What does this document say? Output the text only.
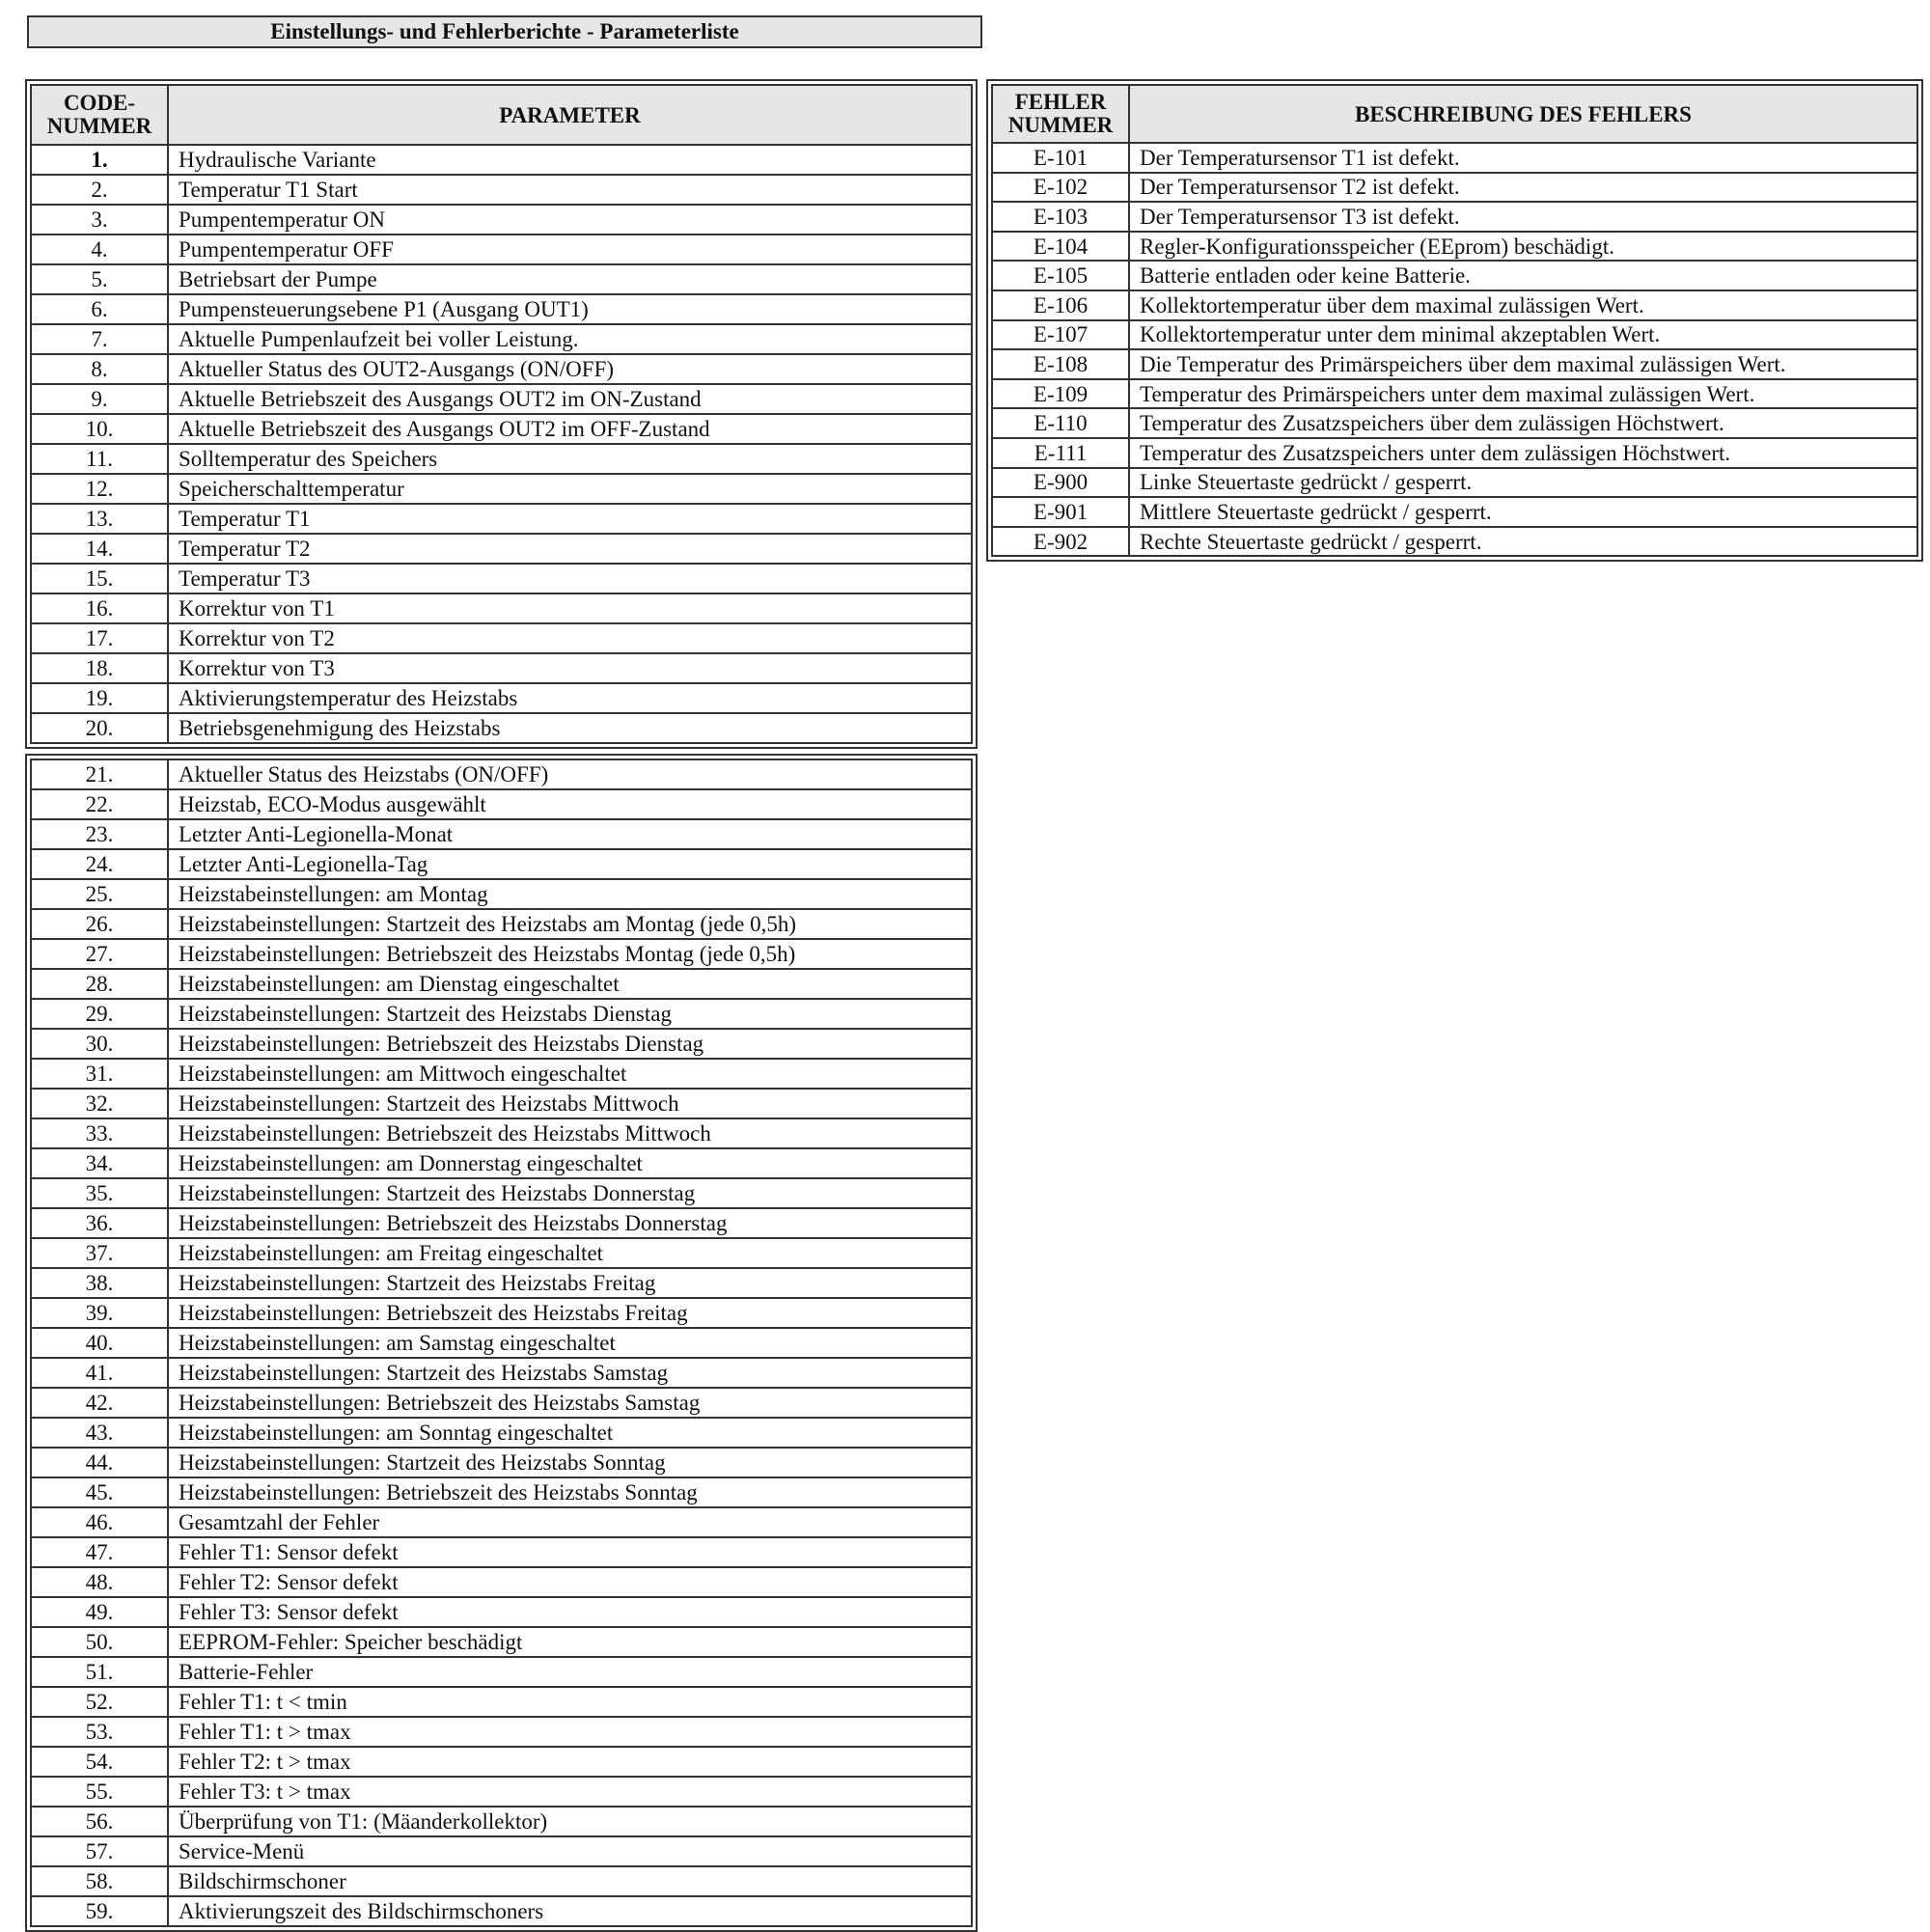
Einstellungs- und Fehlerberichte - Parameterliste
CODE-
NUMMER	PARAMETER
1.	Hydraulische Variante
2.	Temperatur T1 Start
3.	Pumpentemperatur ON
4.	Pumpentemperatur OFF
5.	Betriebsart der Pumpe
6.	Pumpensteuerungsebene P1 (Ausgang OUT1)
7.	Aktuelle Pumpenlaufzeit bei voller Leistung.
8.	Aktueller Status des OUT2-Ausgangs (ON/OFF)
9.	Aktuelle Betriebszeit des Ausgangs OUT2 im ON-Zustand
10.	Aktuelle Betriebszeit des Ausgangs OUT2 im OFF-Zustand
11.	Solltemperatur des Speichers
12.	Speicherschalttemperatur
13.	Temperatur T1
14.	Temperatur T2
15.	Temperatur T3
16.	Korrektur von T1
17.	Korrektur von T2
18.	Korrektur von T3
19.	Aktivierungstemperatur des Heizstabs
20.	Betriebsgenehmigung des Heizstabs
21.	Aktueller Status des Heizstabs (ON/OFF)
22.	Heizstab, ECO-Modus ausgewählt
23.	Letzter Anti-Legionella-Monat
24.	Letzter Anti-Legionella-Tag
25.	Heizstabeinstellungen: am Montag
26.	Heizstabeinstellungen: Startzeit des Heizstabs am Montag (jede 0,5h)
27.	Heizstabeinstellungen: Betriebszeit des Heizstabs Montag (jede 0,5h)
28.	Heizstabeinstellungen: am Dienstag eingeschaltet
29.	Heizstabeinstellungen: Startzeit des Heizstabs Dienstag
30.	Heizstabeinstellungen: Betriebszeit des Heizstabs Dienstag
31.	Heizstabeinstellungen: am Mittwoch eingeschaltet
32.	Heizstabeinstellungen: Startzeit des Heizstabs Mittwoch
33.	Heizstabeinstellungen: Betriebszeit des Heizstabs Mittwoch
34.	Heizstabeinstellungen: am Donnerstag eingeschaltet
35.	Heizstabeinstellungen: Startzeit des Heizstabs Donnerstag
36.	Heizstabeinstellungen: Betriebszeit des Heizstabs Donnerstag
37.	Heizstabeinstellungen: am Freitag eingeschaltet
38.	Heizstabeinstellungen: Startzeit des Heizstabs Freitag
39.	Heizstabeinstellungen: Betriebszeit des Heizstabs Freitag
40.	Heizstabeinstellungen: am Samstag eingeschaltet
41.	Heizstabeinstellungen: Startzeit des Heizstabs Samstag
42.	Heizstabeinstellungen: Betriebszeit des Heizstabs Samstag
43.	Heizstabeinstellungen: am Sonntag eingeschaltet
44.	Heizstabeinstellungen: Startzeit des Heizstabs Sonntag
45.	Heizstabeinstellungen: Betriebszeit des Heizstabs Sonntag
46.	Gesamtzahl der Fehler
47.	Fehler T1: Sensor defekt
48.	Fehler T2: Sensor defekt
49.	Fehler T3: Sensor defekt
50.	EEPROM-Fehler: Speicher beschädigt
51.	Batterie-Fehler
52.	Fehler T1: t < tmin
53.	Fehler T1: t > tmax
54.	Fehler T2: t > tmax
55.	Fehler T3: t > tmax
56.	Überprüfung von T1: (Mäanderkollektor)
57.	Service-Menü
58.	Bildschirmschoner
59.	Aktivierungszeit des Bildschirmschoners
FEHLER
NUMMER	BESCHREIBUNG DES FEHLERS
E-101	Der Temperatursensor T1 ist defekt.
E-102	Der Temperatursensor T2 ist defekt.
E-103	Der Temperatursensor T3 ist defekt.
E-104	Regler-Konfigurationsspeicher (EEprom) beschädigt.
E-105	Batterie entladen oder keine Batterie.
E-106	Kollektortemperatur über dem maximal zulässigen Wert.
E-107	Kollektortemperatur unter dem minimal akzeptablen Wert.
E-108	Die Temperatur des Primärspeichers über dem maximal zulässigen Wert.
E-109	Temperatur des Primärspeichers unter dem maximal zulässigen Wert.
E-110	Temperatur des Zusatzspeichers über dem zulässigen Höchstwert.
E-111	Temperatur des Zusatzspeichers unter dem zulässigen Höchstwert.
E-900	Linke Steuertaste gedrückt / gesperrt.
E-901	Mittlere Steuertaste gedrückt / gesperrt.
E-902	Rechte Steuertaste gedrückt / gesperrt.
